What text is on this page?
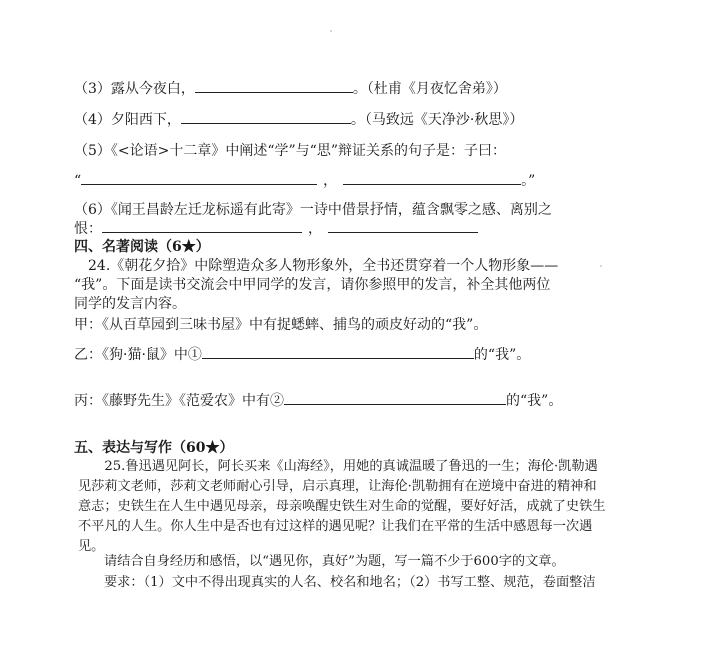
（3）露从今夜白，	。（杜甫《月夜忆舍弟》）
（4）夕阳西下，	。（马致远《天净沙·秋思》）
（5）《<论语>十二章》中阐述“学”与“思”辩证关系的句子是：子曰：
“	，	。”
（6）《闻王昌龄左迁龙标遥有此寄》一诗中借景抒情，蕴含飘零之感、离别之
恨：	，
四、名著阅读（6★）
24.《朝花夕拾》中除塑造众多人物形象外，全书还贯穿着一个人物形象——
“我”。下面是读书交流会中甲同学的发言，请你参照甲的发言，补全其他两位
同学的发言内容。
甲：《从百草园到三味书屋》中有捉蟋蟀、捕鸟的顽皮好动的“我”。
乙：《狗·猫·鼠》中①	的“我”。
丙：《藤野先生》《范爱农》中有②	的“我”。
五、表达与写作（60★）
25.鲁迅遇见阿长，阿长买来《山海经》，用她的真诚温暖了鲁迅的一生；海伦·凯勒遇见莎莉文老师，莎莉文老师耐心引导，启示真理，让海伦·凯勒拥有在逆境中奋进的精神和意志；史铁生在人生中遇见母亲，母亲唤醒史铁生对生命的觉醒，要好好活，成就了史铁生不平凡的人生。你人生中是否也有过这样的遇见呢？让我们在平常的生活中感恩每一次遇见。
请结合自身经历和感悟，以“遇见你，真好”为题，写一篇不少于600字的文章。
要求：（1）文中不得出现真实的人名、校名和地名；（2）书写工整、规范，卷面整洁
